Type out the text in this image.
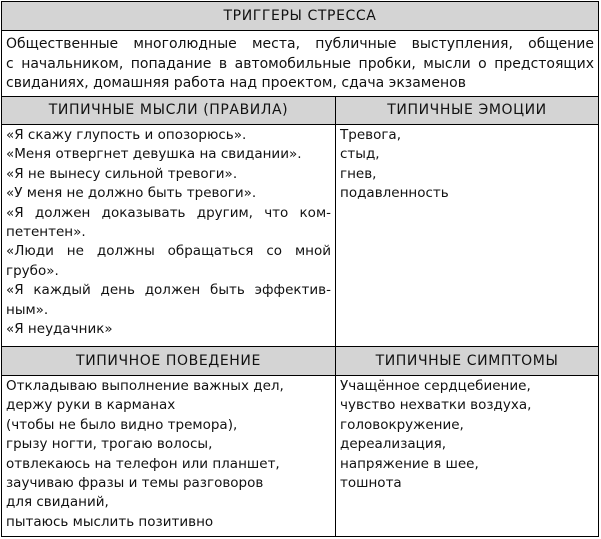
ТРИГГЕРЫ СТРЕССА
Общественные многолюдные места, публичные выступления, общение
с начальником, попадание в автомобильные пробки, мысли о предстоящих
свиданиях, домашняя работа над проектом, сдача экзаменов
ТИПИЧНЫЕ МЫСЛИ (ПРАВИЛА)	ТИПИЧНЫЕ ЭМОЦИИ
«Я скажу глупость и опозорюсь».
«Меня отвергнет девушка на свидании».
«Я не вынесу сильной тревоги».
«У меня не должно быть тревоги».
«Я должен доказывать другим, что ком-
петентен».
«Люди не должны обращаться со мной
грубо».
«Я каждый день должен быть эффектив-
ным».
«Я неудачник»
Тревога,
стыд,
гнев,
подавленность
ТИПИЧНОЕ ПОВЕДЕНИЕ	ТИПИЧНЫЕ СИМПТОМЫ
Откладываю выполнение важных дел,
держу руки в карманах
(чтобы не было видно тремора),
грызу ногти, трогаю волосы,
отвлекаюсь на телефон или планшет,
заучиваю фразы и темы разговоров
для свиданий,
пытаюсь мыслить позитивно
Учащённое сердцебиение,
чувство нехватки воздуха,
головокружение,
дереализация,
напряжение в шее,
тошнота
